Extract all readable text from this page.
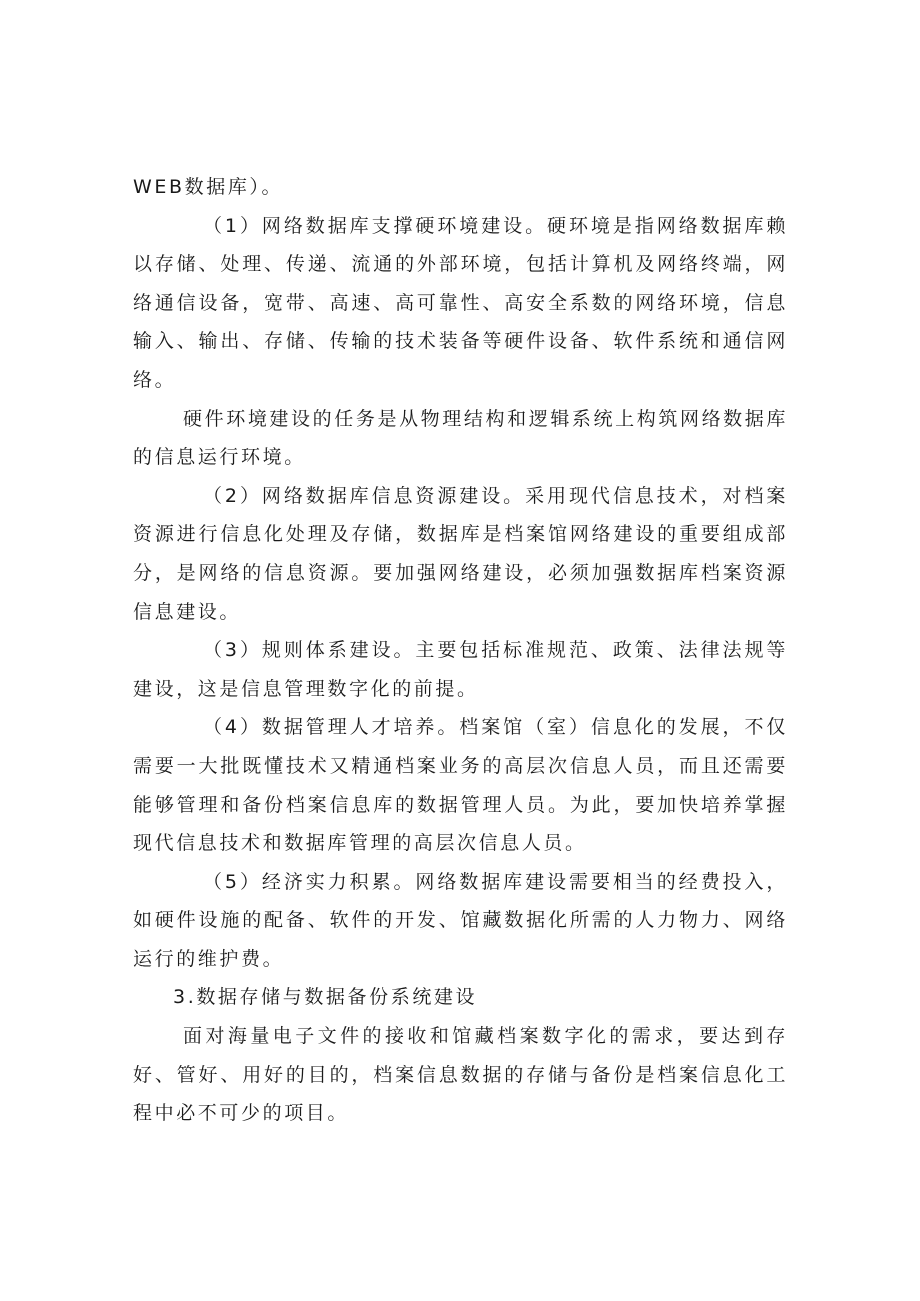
WEB数据库）。

（1）网络数据库支撑硬环境建设。硬环境是指网络数据库赖以存储、处理、传递、流通的外部环境，包括计算机及网络终端，网络通信设备，宽带、高速、高可靠性、高安全系数的网络环境，信息输入、输出、存储、传输的技术装备等硬件设备、软件系统和通信网络。

硬件环境建设的任务是从物理结构和逻辑系统上构筑网络数据库的信息运行环境。

（2）网络数据库信息资源建设。采用现代信息技术，对档案资源进行信息化处理及存储，数据库是档案馆网络建设的重要组成部分，是网络的信息资源。要加强网络建设，必须加强数据库档案资源信息建设。

（3）规则体系建设。主要包括标准规范、政策、法律法规等建设，这是信息管理数字化的前提。

（4）数据管理人才培养。档案馆（室）信息化的发展，不仅需要一大批既懂技术又精通档案业务的高层次信息人员，而且还需要能够管理和备份档案信息库的数据管理人员。为此，要加快培养掌握现代信息技术和数据库管理的高层次信息人员。

（5）经济实力积累。网络数据库建设需要相当的经费投入，如硬件设施的配备、软件的开发、馆藏数据化所需的人力物力、网络运行的维护费。

3.数据存储与数据备份系统建设

面对海量电子文件的接收和馆藏档案数字化的需求，要达到存好、管好、用好的目的，档案信息数据的存储与备份是档案信息化工程中必不可少的项目。
